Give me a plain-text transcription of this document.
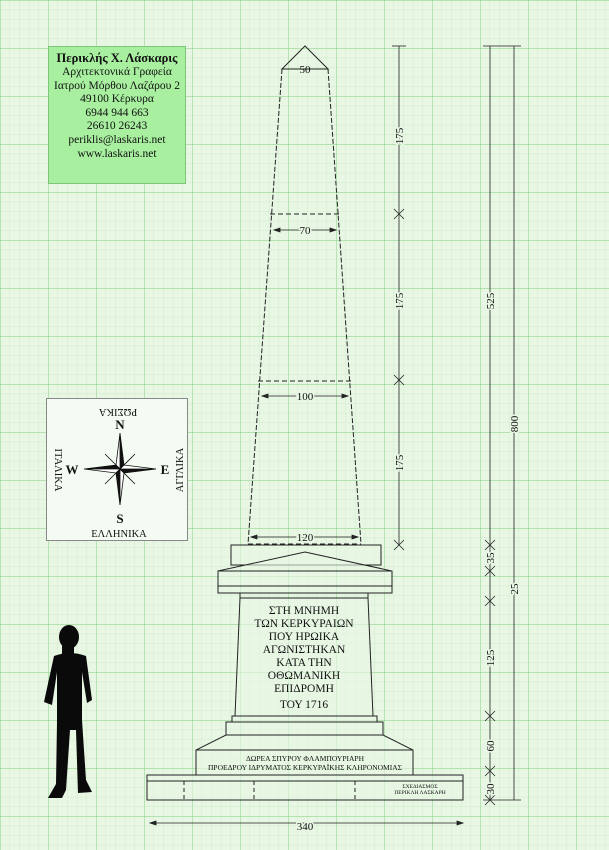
50
70
100
120
340
175
175
175
35
25
125
60
30
525
800
ΣΤΗ ΜΝΗΜΗ
ΤΩΝ ΚΕΡΚΥΡΑΙΩΝ
ΠΟΥ ΗΡΩΙΚΑ
ΑΓΩΝΙΣΤΗΚΑΝ
ΚΑΤΑ ΤΗΝ
ΟΘΩΜΑΝΙΚΗ
ΕΠΙΔΡΟΜΗ
ΤΟΥ 1716
ΔΩΡΕΑ ΣΠΥΡΟΥ ΦΛΑΜΠΟΥΡΙΑΡΗ
ΠΡΟΕΔΡΟΥ ΙΔΡΥΜΑΤΟΣ ΚΕΡΚΥΡΑΪΚΗΣ ΚΛΗΡΟΝΟΜΙΑΣ
ΣΧΕΔΙΑΣΜΟΣ
ΠΕΡΙΚΛΗ ΛΑΣΚΑΡΗ
Περικλής Χ. Λάσκαρις
Αρχιτεκτονικά Γραφεία
Ιατρού Μόρθου Λαζάρου 2
49100 Κέρκυρα
6944 944 663
26610 26243
periklis@laskaris.net
www.laskaris.net
N
S
W	E
ΡΩΣΙΚΑ
ΕΛΛΗΝΙΚΑ
ΙΤΑΛΙΚΑ	ΑΓΓΛΙΚΑ
